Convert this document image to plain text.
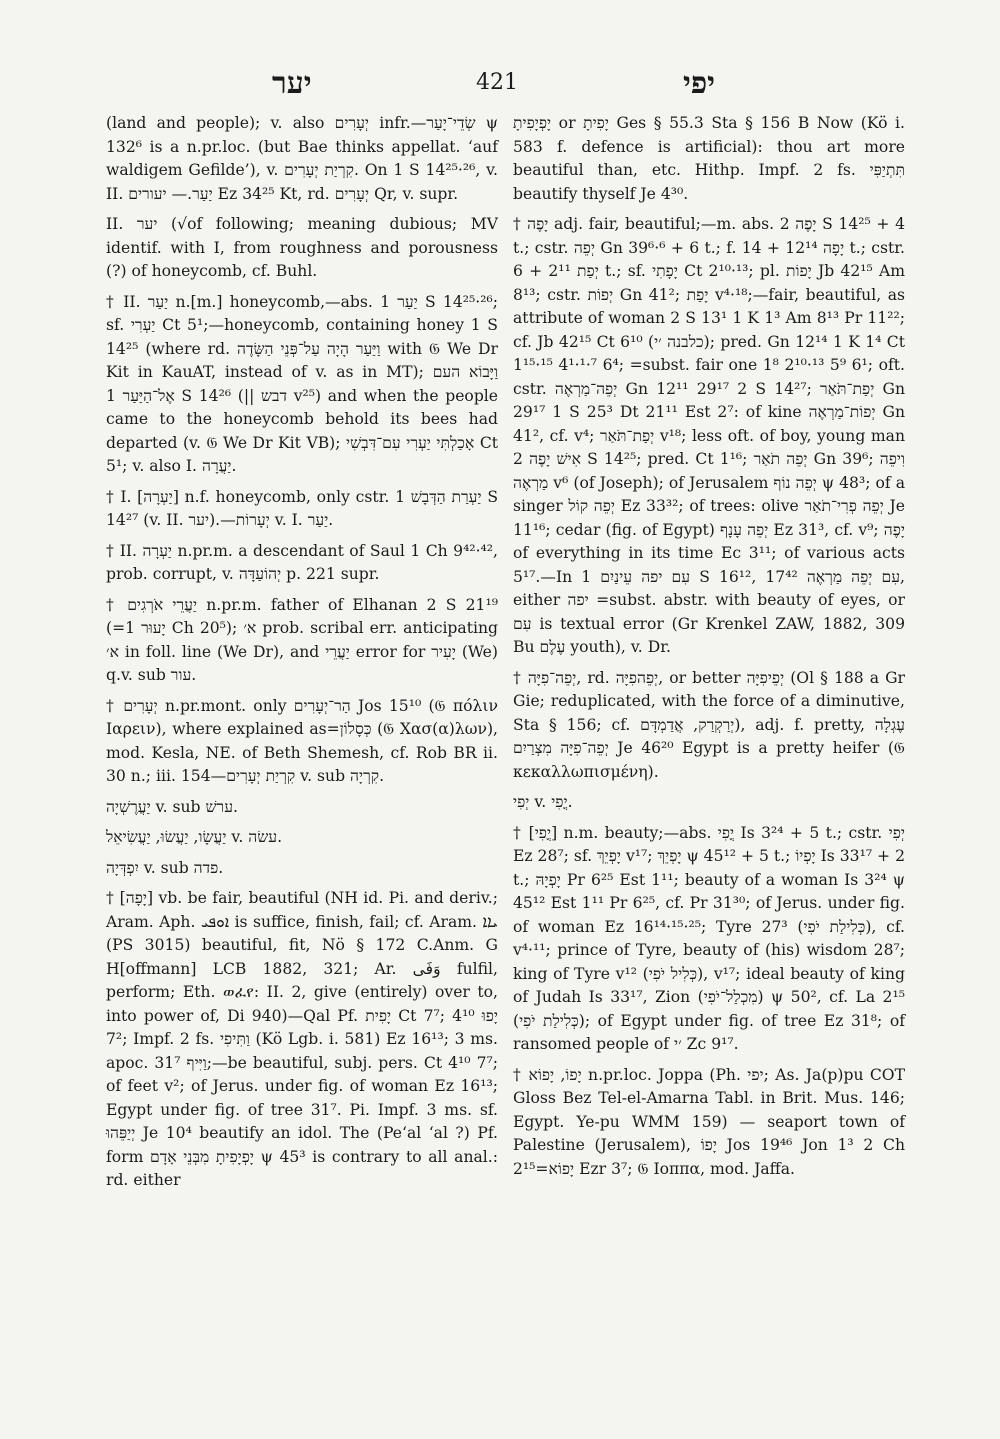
יער	421	יפי

(land and people); v. also יְעָרִים infr.—שְׂדֵי־יָעַר ψ 132⁶ is a n.pr.loc. (but Bae thinks appellat. ‘auf waldigem Gefilde’), v. קִרְיַת יְעָרִים. On 1 S 14²⁵·²⁶, v. II. יַעַר.— יעורים Ez 34²⁵ Kt, rd. יְעָרִים Qr, v. supr.

II. יער (√of following; meaning dubious; MV identif. with I, from roughness and porousness (?) of honeycomb, cf. Buhl.

† II. יַעַר n.[m.] honeycomb,—abs. יַעַר 1 S 14²⁵·²⁶; sf. יַעְרִי Ct 5¹;—honeycomb, containing honey 1 S 14²⁵ (where rd. וַיַּעַר הָיָה עַל־פְּנֵי הַשָּׂדֶה with 𝔊 We Dr Kit in KauAT, instead of v. as in MT); וַיָּבוֹא העם אֶל־הַיַּעַר 1 S 14²⁶ (|| דבש v²⁵) and when the people came to the honeycomb behold its bees had departed (v. 𝔊 We Dr Kit VB); אָכַלְתִּי יַעְרִי עִם־דִּבְשִׁי Ct 5¹; v. also I. יַעֲרָה.

† I. [יַעְרָה] n.f. honeycomb, only cstr. יַעְרַת הַדְּבָשׁ 1 S 14²⁷ (v. II. יער).—יְעָרוֹת v. I. יַעַר.

† II. יַעְרָה n.pr.m. a descendant of Saul 1 Ch 9⁴²·⁴², prob. corrupt, v. יְהוֹעַדָּה p. 221 supr.

† יַעֲרֵי אֹרְגִים n.pr.m. father of Elhanan 2 S 21¹⁹ (=יָעוּר 1 Ch 20⁵); א׳ prob. scribal err. anticipating א׳ in foll. line (We Dr), and יַעֲרֵי error for יָעִיר (We) q.v. sub עור.

† יְעָרִים n.pr.mont. only הַר־יְעָרִים Jos 15¹⁰ (𝔊 πόλιν Ιαρειν), where explained as=כְּסָלוֹן (𝔊 Χασ(α)λων), mod. Kesla, NE. of Beth Shemesh, cf. Rob BR ii. 30 n.; iii. 154—קִרְיַת יְעָרִים v. sub קִרְיָה.

יַעֲרֶשְׁיָה v. sub ערשׁ.

יַעֲשָׂו, יַעֲשׂוּ, יַעֲשִׂיאֵל v. עשׂה.

יִפְדְּיָה v. sub פדה.

† [יָפָה] vb. be fair, beautiful (NH id. Pi. and deriv.; Aram. Aph. ܐܘܦܝ is suffice, finish, fail; cf. Aram. ܝܐܐ (PS 3015) beautiful, fit, Nö § 172 C.Anm. G H[offmann] LCB 1882, 321; Ar. وَفَى fulfil, perform; Eth. ወፈየ: II. 2, give (entirely) over to, into power of, Di 940)—Qal Pf. יָפִית Ct 7⁷; יָפוּ 4¹⁰ 7²; Impf. 2 fs. וַתִּיפִי (Kö Lgb. i. 581) Ez 16¹³; 3 ms. apoc. וַיִּיף 31⁷;—be beautiful, subj. pers. Ct 4¹⁰ 7⁷; of feet v²; of Jerus. under fig. of woman Ez 16¹³; Egypt under fig. of tree 31⁷. Pi. Impf. 3 ms. sf. יְיַפֵּהוּ Je 10⁴ beautify an idol. The (Pe‘al ‘al ?) Pf. form יָפְיָפִיתָ מִבְּנֵי אָדָם ψ 45³ is contrary to all anal.: rd. either

יָפְיָפִיתָ or יָפִיתָ Ges § 55.3 Sta § 156 B Now (Kö i. 583 f. defence is artificial): thou art more beautiful than, etc. Hithp. Impf. 2 fs. תִּתְיַפִּי beautify thyself Je 4³⁰.

† יָפֶה adj. fair, beautiful;—m. abs. יָפֶה 2 S 14²⁵ + 4 t.; cstr. יְפֵה Gn 39⁶·⁶ + 6 t.; f. יָפָה 12¹⁴ + 14 t.; cstr. יְפַת 2¹¹ + 6 t.; sf. יָפָתִי Ct 2¹⁰·¹³; pl. יָפוֹת Jb 42¹⁵ Am 8¹³; cstr. יְפוֹת Gn 41²; יָפַת v⁴·¹⁸;—fair, beautiful, as attribute of woman 2 S 13¹ 1 K 1³ Am 8¹³ Pr 11²²; cf. Jb 42¹⁵ Ct 6¹⁰ (כלבנה ׳י); pred. Gn 12¹⁴ 1 K 1⁴ Ct 1¹⁵·¹⁵ 4¹·¹·⁷ 6⁴; =subst. fair one 1⁸ 2¹⁰·¹³ 5⁹ 6¹; oft. cstr. יְפֵה־מַרְאֶה Gn 12¹¹ 29¹⁷ 2 S 14²⁷; יְפַת־תֹּאַר Gn 29¹⁷ 1 S 25³ Dt 21¹¹ Est 2⁷: of kine יְפוֹת־מַרְאֶה Gn 41², cf. v⁴; יְפַת־תֹּאַר v¹⁸; less oft. of boy, young man אִישׁ יָפֶה 2 S 14²⁵; pred. Ct 1¹⁶; יְפֵה תֹאַר Gn 39⁶; וִיפֵה מַרְאֶה v⁶ (of Joseph); of Jerusalem יְפֵה נוֹף ψ 48³; of a singer יְפֵה קוֹל Ez 33³²; of trees: olive יְפֵה פְרִי־תֹאַר Je 11¹⁶; cedar (fig. of Egypt) יְפֵה עָנָף Ez 31³, cf. v⁹; יָפֶה of everything in its time Ec 3¹¹; of various acts 5¹⁷.—In עִם יפה עֵינַיִם 1 S 16¹², עִם יְפֵה מַרְאֶה 17⁴², either יפה =subst. abstr. with beauty of eyes, or עִם is textual error (Gr Krenkel ZAW, 1882, 309 Bu עֶלֶם youth), v. Dr.

† יְפֵה־פִיָּה, rd. יְפֵהפִיָּה, or better יְפֵיפִיָּה (Ol § 188 a Gr Gie; reduplicated, with the force of a diminutive, Sta § 156; cf. יְרַקְרַק, אֲדַמְדָּם), adj. f. pretty, עֶגְלָה יְפֵה־פִיָּה מִצְרַיִם Je 46²⁰ Egypt is a pretty heifer (𝔊 κεκαλλωπισμένη).

יְפִי v. יֳפִי.

† [יֳפִי] n.m. beauty;—abs. יֳפִי Is 3²⁴ + 5 t.; cstr. יְפִי Ez 28⁷; sf. יָפְיֵךְ v¹⁷; יָפְיֵךְ ψ 45¹² + 5 t.; יָפְיוֹ Is 33¹⁷ + 2 t.; יָפְיָהּ Pr 6²⁵ Est 1¹¹; beauty of a woman Is 3²⁴ ψ 45¹² Est 1¹¹ Pr 6²⁵, cf. Pr 31³⁰; of Jerus. under fig. of woman Ez 16¹⁴·¹⁵·²⁵; Tyre 27³ (כְּלִילַת יֹפִי), cf. v⁴·¹¹; prince of Tyre, beauty of (his) wisdom 28⁷; king of Tyre v¹² (כְּלִיל יֹפִי), v¹⁷; ideal beauty of king of Judah Is 33¹⁷, Zion (מִכְלַל־יֹפִי) ψ 50², cf. La 2¹⁵ (כְּלִילַת יֹפִי); of Egypt under fig. of tree Ez 31⁸; of ransomed people of ׳י Zc 9¹⁷.

† יָפוֹ, יָפוֹא n.pr.loc. Joppa (Ph. יפי; As. Ja(p)pu COT Gloss Bez Tel-el-Amarna Tabl. in Brit. Mus. 146; Egypt. Ye-pu WMM 159) — seaport town of Palestine (Jerusalem), יָפוֹ Jos 19⁴⁶ Jon 1³ 2 Ch 2¹⁵=יָפוֹא Ezr 3⁷; 𝔊 Ιοππα, mod. Jaffa.
